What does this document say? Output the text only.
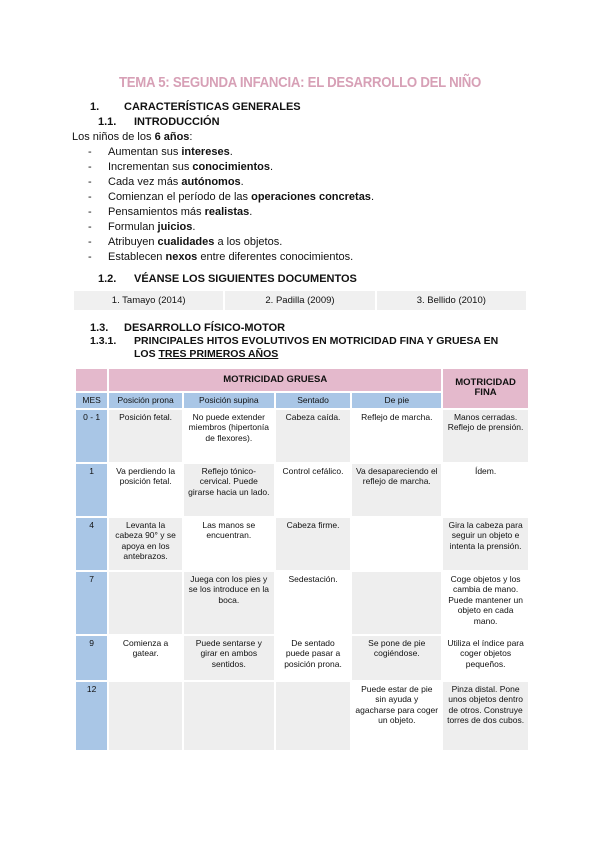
TEMA 5: SEGUNDA INFANCIA: EL DESARROLLO DEL NIÑO
1. CARACTERÍSTICAS GENERALES
1.1. INTRODUCCIÓN
Los niños de los 6 años:
- Aumentan sus intereses.
- Incrementan sus conocimientos.
- Cada vez más autónomos.
- Comienzan el período de las operaciones concretas.
- Pensamientos más realistas.
- Formulan juicios.
- Atribuyen cualidades a los objetos.
- Establecen nexos entre diferentes conocimientos.
1.2. VÉANSE LOS SIGUIENTES DOCUMENTOS
1. Tamayo (2014)	2. Padilla (2009)	3. Bellido (2010)
1.3. DESARROLLO FÍSICO-MOTOR
1.3.1. PRINCIPALES HITOS EVOLUTIVOS EN MOTRICIDAD FINA Y GRUESA EN
LOS TRES PRIMEROS AÑOS
	MOTRICIDAD GRUESA				MOTRICIDAD FINA
MES	Posición prona	Posición supina	Sentado	De pie	
0 - 1	Posición fetal.	No puede extender miembros (hipertonía de flexores).	Cabeza caída.	Reflejo de marcha.	Manos cerradas. Reflejo de prensión.
1	Va perdiendo la posición fetal.	Reflejo tónico-cervical. Puede girarse hacia un lado.	Control cefálico.	Va desapareciendo el reflejo de marcha.	Ídem.
4	Levanta la cabeza 90° y se apoya en los antebrazos.	Las manos se encuentran.	Cabeza firme.		Gira la cabeza para seguir un objeto e intenta la prensión.
7		Juega con los pies y se los introduce en la boca.	Sedestación.		Coge objetos y los cambia de mano. Puede mantener un objeto en cada mano.
9	Comienza a gatear.	Puede sentarse y girar en ambos sentidos.	De sentado puede pasar a posición prona.	Se pone de pie cogiéndose.	Utiliza el índice para coger objetos pequeños.
12				Puede estar de pie sin ayuda y agacharse para coger un objeto.	Pinza distal. Pone unos objetos dentro de otros. Construye torres de dos cubos.
